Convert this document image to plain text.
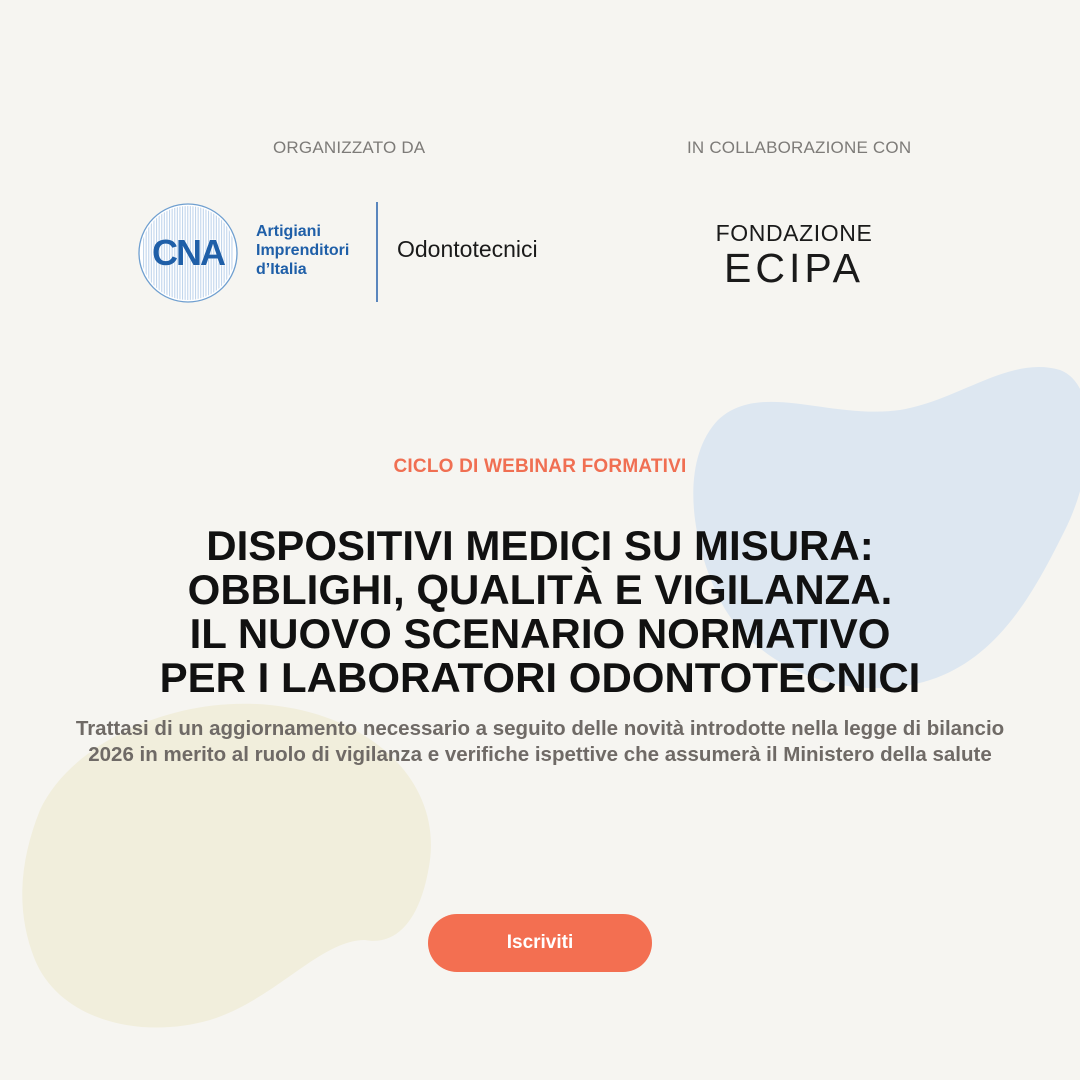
ORGANIZZATO DA	IN COLLABORAZIONE CON
CNA
Artigiani
Imprenditori
d’Italia
Odontotecnici
FONDAZIONE
ECIPA
CICLO DI WEBINAR FORMATIVI
DISPOSITIVI MEDICI SU MISURA:
OBBLIGHI, QUALITÀ E VIGILANZA.
IL NUOVO SCENARIO NORMATIVO
PER I LABORATORI ODONTOTECNICI
Trattasi di un aggiornamento necessario a seguito delle novità introdotte nella legge di bilancio 2026 in merito al ruolo di vigilanza e verifiche ispettive che assumerà il Ministero della salute
Iscriviti
